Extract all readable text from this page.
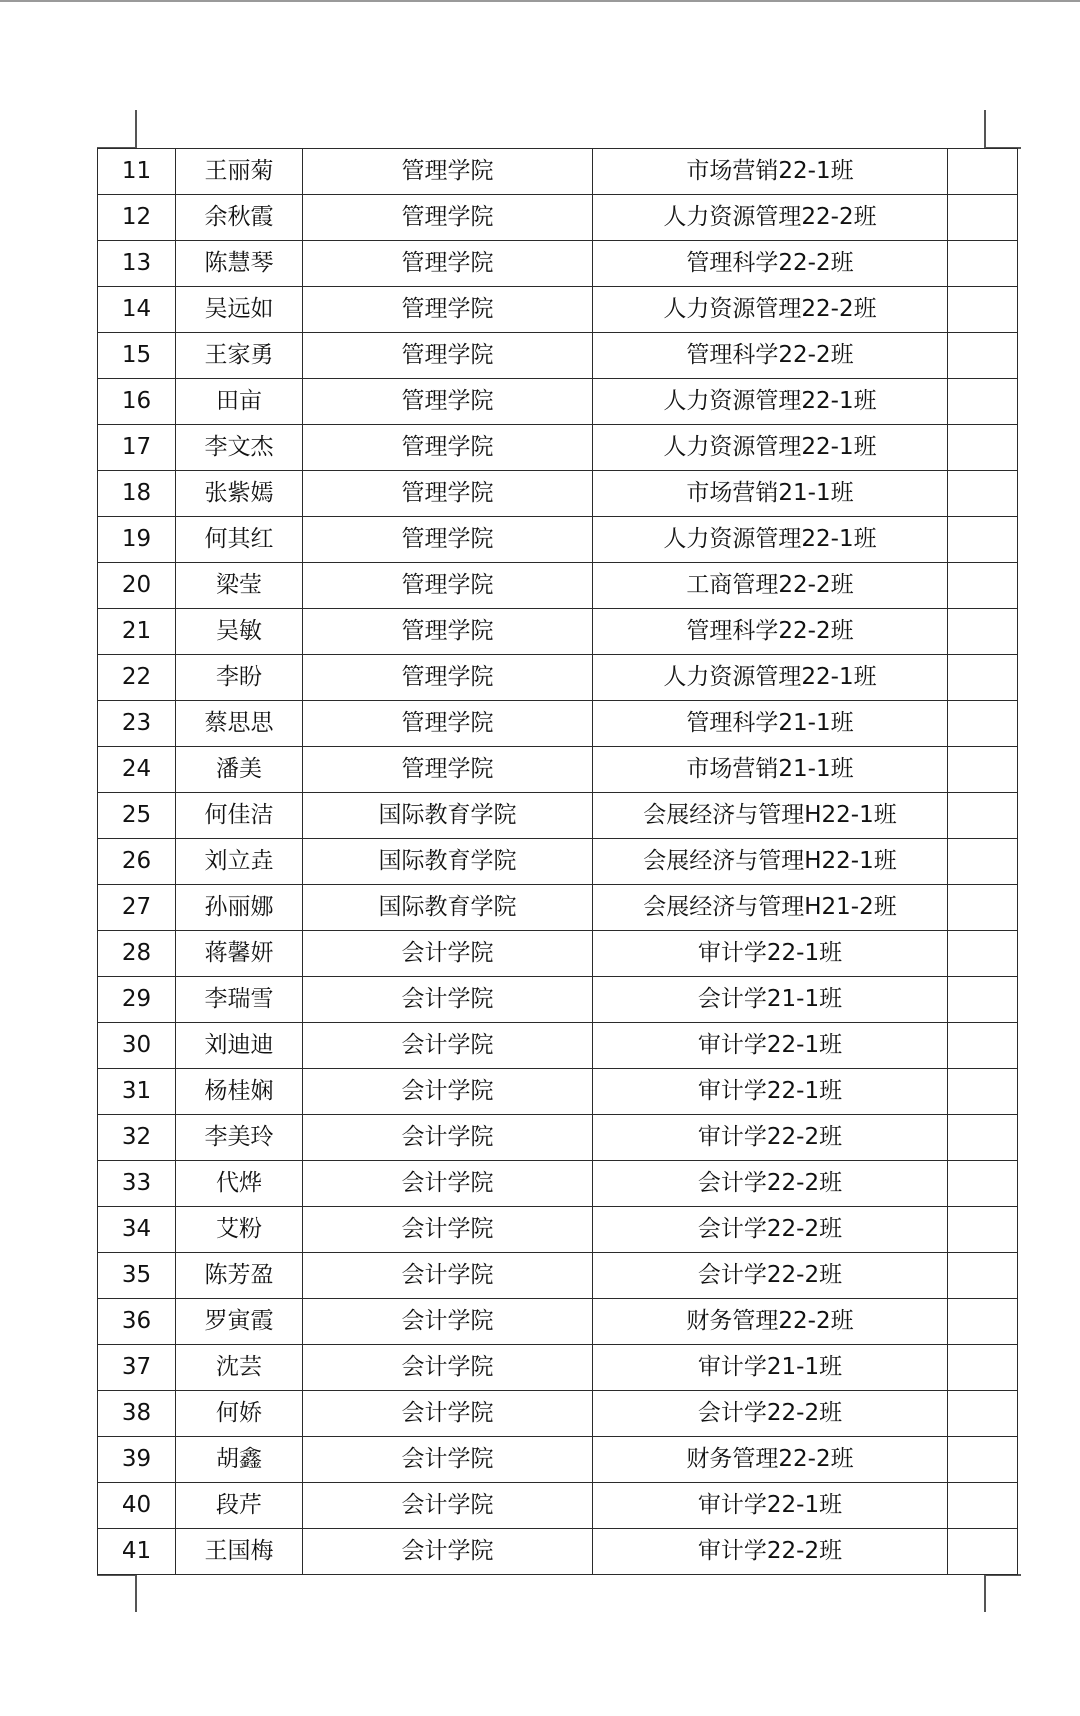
11	王丽菊	管理学院	市场营销22-1班	
12	余秋霞	管理学院	人力资源管理22-2班	
13	陈慧琴	管理学院	管理科学22-2班	
14	吴远如	管理学院	人力资源管理22-2班	
15	王家勇	管理学院	管理科学22-2班	
16	田亩	管理学院	人力资源管理22-1班	
17	李文杰	管理学院	人力资源管理22-1班	
18	张紫嫣	管理学院	市场营销21-1班	
19	何其红	管理学院	人力资源管理22-1班	
20	梁莹	管理学院	工商管理22-2班	
21	吴敏	管理学院	管理科学22-2班	
22	李盼	管理学院	人力资源管理22-1班	
23	蔡思思	管理学院	管理科学21-1班	
24	潘美	管理学院	市场营销21-1班	
25	何佳洁	国际教育学院	会展经济与管理H22-1班	
26	刘立垚	国际教育学院	会展经济与管理H22-1班	
27	孙丽娜	国际教育学院	会展经济与管理H21-2班	
28	蒋馨妍	会计学院	审计学22-1班	
29	李瑞雪	会计学院	会计学21-1班	
30	刘迪迪	会计学院	审计学22-1班	
31	杨桂娴	会计学院	审计学22-1班	
32	李美玲	会计学院	审计学22-2班	
33	代烨	会计学院	会计学22-2班	
34	艾粉	会计学院	会计学22-2班	
35	陈芳盈	会计学院	会计学22-2班	
36	罗寅霞	会计学院	财务管理22-2班	
37	沈芸	会计学院	审计学21-1班	
38	何娇	会计学院	会计学22-2班	
39	胡鑫	会计学院	财务管理22-2班	
40	段芹	会计学院	审计学22-1班	
41	王国梅	会计学院	审计学22-2班	
